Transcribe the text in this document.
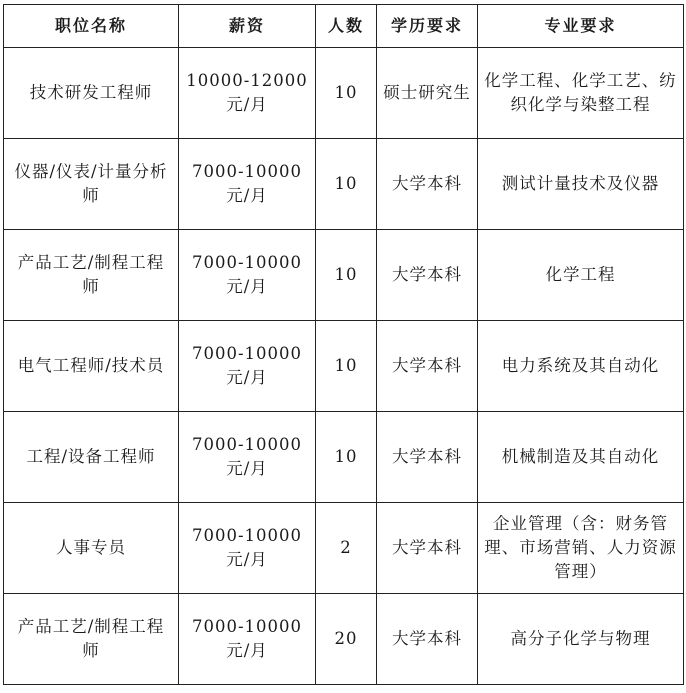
职位名称	薪资	人数	学历要求	专业要求
技术研发工程师	10000-12000元/月	10	硕士研究生	化学工程、化学工艺、纺织化学与染整工程
仪器/仪表/计量分析师	7000-10000元/月	10	大学本科	测试计量技术及仪器
产品工艺/制程工程师	7000-10000元/月	10	大学本科	化学工程
电气工程师/技术员	7000-10000元/月	10	大学本科	电力系统及其自动化
工程/设备工程师	7000-10000元/月	10	大学本科	机械制造及其自动化
人事专员	7000-10000元/月	2	大学本科	企业管理（含：财务管理、市场营销、人力资源管理）
产品工艺/制程工程师	7000-10000元/月	20	大学本科	高分子化学与物理
